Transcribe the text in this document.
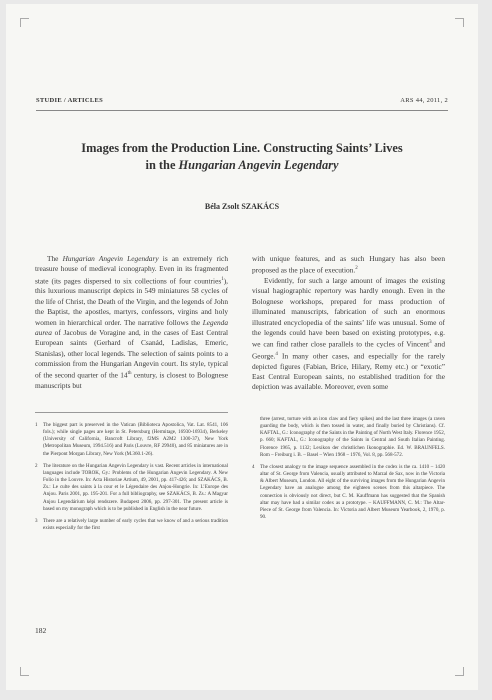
STUDIE / ARTICLES	ARS 44, 2011, 2
Images from the Production Line. Constructing Saints’ Lives
in the Hungarian Angevin Legendary
Béla Zsolt SZAKÁCS

The Hungarian Angevin Legendary is an extremely rich treasure house of medieval iconography. Even in its fragmented state (its pages dispersed to six collections of four countries$^1$), this luxurious manuscript depicts in 549 miniatures 58 cycles of the life of Christ, the Death of the Virgin, and the legends of John the Baptist, the apostles, martyrs, confessors, virgins and holy women in hierarchical order. The narrative follows the Legenda aurea of Jacobus de Voragine and, in the cases of East Central European saints (Gerhard of Csanád, Ladislas, Emeric, Stanislas), other local legends. The selection of saints points to a commission from the Hungarian Angevin court. Its style, typical of the second quarter of the 14th century, is closest to Bolognese manuscripts but

with unique features, and as such Hungary has also been proposed as the place of execution.$^2$

Evidently, for such a large amount of images the existing visual hagiographic repertory was hardly enough. Even in the Bolognese workshops, prepared for mass production of illuminated manuscripts, fabrication of such an enormous illustrated encyclopedia of the saints’ life was unusual. Some of the legends could have been based on existing prototypes, e.g. we can find rather close parallels to the cycles of Vincent$^3$ and George.$^4$ In many other cases, and especially for the rarely depicted figures (Fabian, Brice, Hilary, Remy etc.) or “exotic” East Central European saints, no established tradition for the depiction was available. Moreover, even some

1 The biggest part is preserved in the Vatican (Biblioteca Apostolica, Vat. Lat. 8541, 106 fols.); while single pages are kept in St. Petersburg (Hermitage, 16930-16934), Berkeley (University of California, Bancroft Library, f2MS A2M2 1300-37), New York (Metropolitan Museum, 1994.516) and Paris (Louvre, RF 29940), and 85 miniatures are in the Pierpont Morgan Library, New York (M.360.1-26).
2 The literature on the Hungarian Angevin Legendary is vast. Recent articles in international languages include TOROK, Gy.: Problems of the Hungarian Angevin Legendary. A New Folio in the Louvre. In: Acta Historiae Artium, 49, 2001, pp. 417-426; and SZAKÁCS, B. Zs.: Le culte des saints à la cour et le Légendaire des Anjou-Hongrie. In: L’Europe des Anjou. Paris 2001, pp. 195-201. For a full bibliography, see SZAKÁCS, B. Zs.: A Magyar Anjou Legendárium képi rendszere. Budapest 2006, pp. 297-301. The present article is based on my monograph which is to be published in English in the near future.
3 There are a relatively large number of early cycles that we know of and a serious tradition exists especially for the first
three (arrest, torture with an iron claw and fiery spikes) and the last three images (a raven guarding the body, which is then tossed in water, and finally buried by Christians). Cf. KAFTAL, G.: Iconography of the Saints in the Painting of North West Italy. Florence 1952, p. 660; KAFTAL, G.: Iconography of the Saints in Central and South Italian Painting. Florence 1965, p. 1132; Lexikon der christlichen Ikonographie. Ed. W. BRAUNFELS. Rom – Freiburg i. B. – Basel – Wien 1968 – 1976, Vol. 8, pp. 568-572.
4 The closest analogy to the image sequence assembled in the codex is the ca. 1410 – 1420 altar of St. George from Valencia, usually attributed to Marzal de Sax, now in the Victoria & Albert Museum, London. All eight of the surviving images from the Hungarian Angevin Legendary have an analogue among the eighteen scenes from this altarpiece. The connection is obviously not direct, but C. M. Kauffmann has suggested that the Spanish altar may have had a similar codex as a prototype. – KAUFFMANN, C. M.: The Altar-Piece of St. George from Valencia. In: Victoria and Albert Museum Yearbook, 2, 1970, p. 90.
182
